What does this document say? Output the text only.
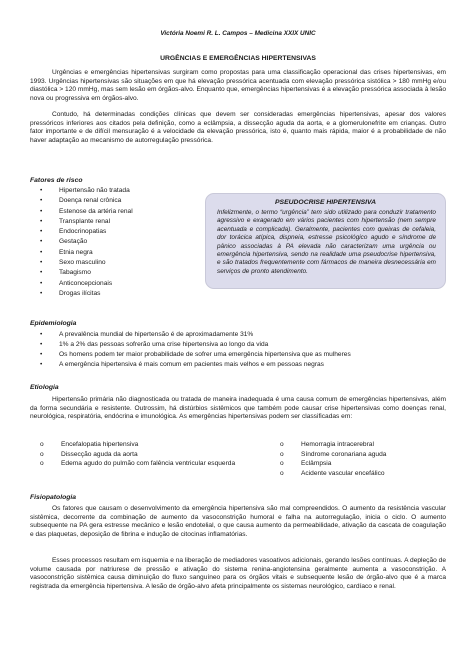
Victória Noemi R. L. Campos – Medicina XXIX UNIC
URGÊNCIAS E EMERGÊNCIAS HIPERTENSIVAS

Urgências e emergências hipertensivas surgiram como propostas para uma classificação operacional das crises hipertensivas, em 1993. Urgências hipertensivas são situações em que há elevação pressórica acentuada com elevação pressórica sistólica > 180 mmHg e/ou diastólica > 120 mmHg, mas sem lesão em órgãos-alvo. Enquanto que, emergências hipertensivas é a elevação pressórica associada à lesão nova ou progressiva em órgãos-alvo.

Contudo, há determinadas condições clínicas que devem ser consideradas emergências hipertensivas, apesar dos valores pressóricos inferiores aos citados pela definição, como a eclâmpsia, a dissecção aguda da aorta, e a glomerulonefrite em crianças. Outro fator importante e de difícil mensuração é a velocidade da elevação pressórica, isto é, quanto mais rápida, maior é a probabilidade de não haver adaptação ao mecanismo de autorregulação pressórica.

Fatores de risco
•	Hipertensão não tratada
•	Doença renal crônica
•	Estenose da artéria renal
•	Transplante renal
•	Endocrinopatias
•	Gestação
•	Etnia negra
•	Sexo masculino
•	Tabagismo
•	Anticoncepcionais
•	Drogas ilícitas
PSEUDOCRISE HIPERTENSIVA

Infelizmente, o termo “urgência” tem sido utilizado para conduzir tratamento agressivo e exagerado em vários pacientes com hipertensão (nem sempre acentuada e complicada). Geralmente, pacientes com queixas de cefaleia, dor torácica atípica, dispneia, estresse psicológico agudo e síndrome de pânico associadas à PA elevada não caracterizam uma urgência ou emergência hipertensiva, sendo na realidade uma pseudocrise hipertensiva, e são tratados frequentemente com fármacos de maneira desnecessária em serviços de pronto atendimento.

Epidemiologia
•	A prevalência mundial de hipertensão é de aproximadamente 31%
•	1% a 2% das pessoas sofrerão uma crise hipertensiva ao longo da vida
•	Os homens podem ter maior probabilidade de sofrer uma emergência hipertensiva que as mulheres
•	A emergência hipertensiva é mais comum em pacientes mais velhos e em pessoas negras
Etiologia

Hipertensão primária não diagnosticada ou tratada de maneira inadequada é uma causa comum de emergências hipertensivas, além da forma secundária e resistente. Outrossim, há distúrbios sistêmicos que também pode causar crise hipertensivas como doenças renal, neurológica, respiratória, endócrina e imunológica. As emergências hipertensivas podem ser classificadas em:

o	Encefalopatia hipertensiva
o	Dissecção aguda da aorta
o	Edema agudo do pulmão com falência ventricular esquerda
o	Hemorragia intracerebral
o	Síndrome coronariana aguda
o	Eclâmpsia
o	Acidente vascular encefálico
Fisiopatologia

Os fatores que causam o desenvolvimento da emergência hipertensiva são mal compreendidos. O aumento da resistência vascular sistêmica, decorrente da combinação de aumento da vasoconstrição humoral e falha na autorregulação, inicia o ciclo. O aumento subsequente na PA gera estresse mecânico e lesão endotelial, o que causa aumento da permeabilidade, ativação da cascata de coagulação e das plaquetas, deposição de fibrina e indução de citocinas inflamatórias.

Esses processos resultam em isquemia e na liberação de mediadores vasoativos adicionais, gerando lesões contínuas. A depleção de volume causada por natriurese de pressão e ativação do sistema renina-angiotensina geralmente aumenta a vasoconstrição. A vasoconstrição sistêmica causa diminuição do fluxo sanguíneo para os órgãos vitais e subsequente lesão de órgão-alvo que é a marca registrada da emergência hipertensiva. A lesão de órgão-alvo afeta principalmente os sistemas neurológico, cardíaco e renal.
